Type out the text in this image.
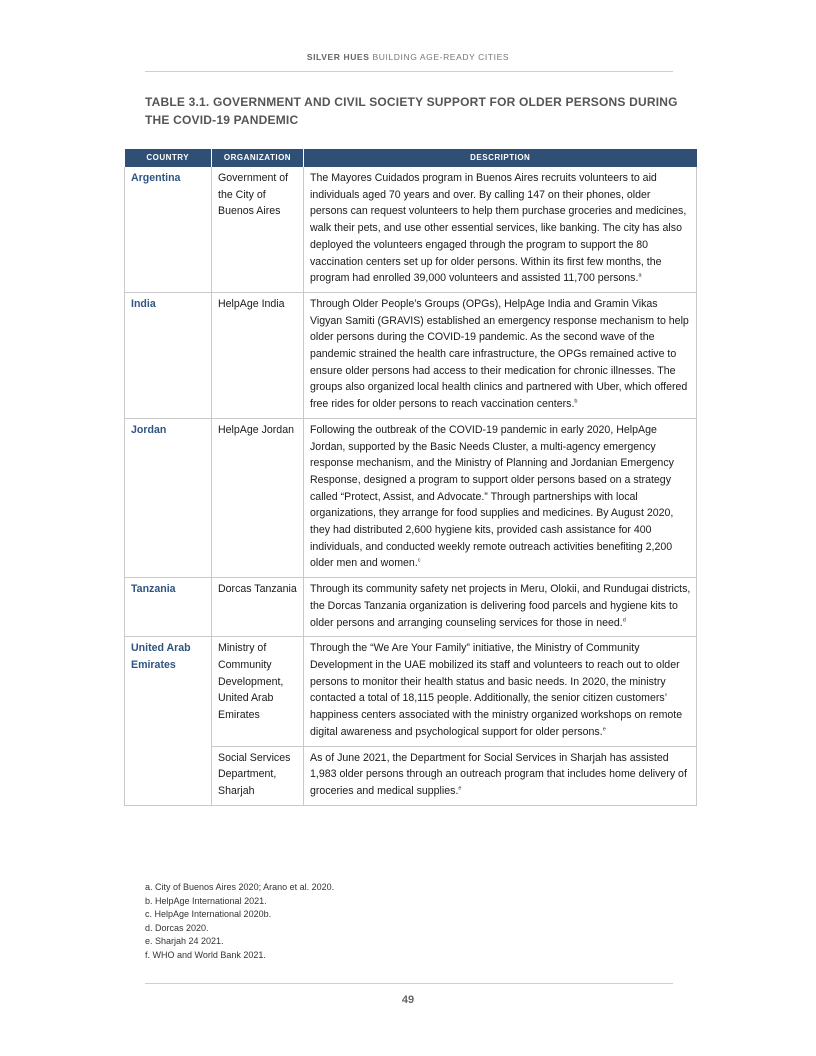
SILVER HUES BUILDING AGE-READY CITIES
TABLE 3.1. GOVERNMENT AND CIVIL SOCIETY SUPPORT FOR OLDER PERSONS DURING THE COVID-19 PANDEMIC
COUNTRY	ORGANIZATION	DESCRIPTION
Argentina	Government of the City of Buenos Aires	The Mayores Cuidados program in Buenos Aires recruits volunteers to aid individuals aged 70 years and over. By calling 147 on their phones, older persons can request volunteers to help them purchase groceries and medicines, walk their pets, and use other essential services, like banking. The city has also deployed the volunteers engaged through the program to support the 80 vaccination centers set up for older persons. Within its first few months, the program had enrolled 39,000 volunteers and assisted 11,700 persons.$^a$
India	HelpAge India	Through Older People’s Groups (OPGs), HelpAge India and Gramin Vikas Vigyan Samiti (GRAVIS) established an emergency response mechanism to help older persons during the COVID-19 pandemic. As the second wave of the pandemic strained the health care infrastructure, the OPGs remained active to ensure older persons had access to their medication for chronic illnesses. The groups also organized local health clinics and partnered with Uber, which offered free rides for older persons to reach vaccination centers.$^b$
Jordan	HelpAge Jordan	Following the outbreak of the COVID-19 pandemic in early 2020, HelpAge Jordan, supported by the Basic Needs Cluster, a multi-agency emergency response mechanism, and the Ministry of Planning and Jordanian Emergency Response, designed a program to support older persons based on a strategy called “Protect, Assist, and Advocate.” Through partnerships with local organizations, they arrange for food supplies and medicines. By August 2020, they had distributed 2,600 hygiene kits, provided cash assistance for 400 individuals, and conducted weekly remote outreach activities benefiting 2,200 older men and women.$^c$
Tanzania	Dorcas Tanzania	Through its community safety net projects in Meru, Olokii, and Rundugai districts, the Dorcas Tanzania organization is delivering food parcels and hygiene kits to older persons and arranging counseling services for those in need.$^d$
United Arab Emirates	Ministry of Community Development, United Arab Emirates	Through the “We Are Your Family” initiative, the Ministry of Community Development in the UAE mobilized its staff and volunteers to reach out to older persons to monitor their health status and basic needs. In 2020, the ministry contacted a total of 18,115 people. Additionally, the senior citizen customers’ happiness centers associated with the ministry organized workshops on remote digital awareness and psychological support for older persons.$^e$
	Social Services Department, Sharjah	As of June 2021, the Department for Social Services in Sharjah has assisted 1,983 older persons through an outreach program that includes home delivery of groceries and medical supplies.$^e$
a. City of Buenos Aires 2020; Arano et al. 2020.
b. HelpAge International 2021.
c. HelpAge International 2020b.
d. Dorcas 2020.
e. Sharjah 24 2021.
f. WHO and World Bank 2021.
49
